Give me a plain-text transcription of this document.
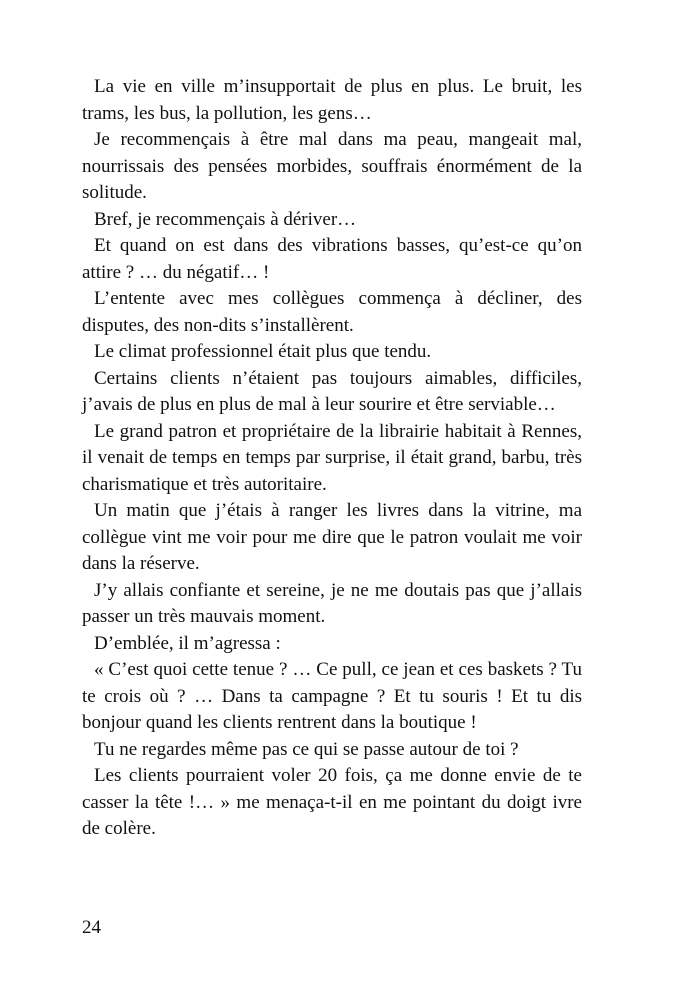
La vie en ville m’insupportait de plus en plus. Le bruit, les trams, les bus, la pollution, les gens…

Je recommençais à être mal dans ma peau, mangeait mal, nourrissais des pensées morbides, souffrais énormément de la solitude.

Bref, je recommençais à dériver…

Et quand on est dans des vibrations basses, qu’est-ce qu’on attire ? … du négatif… !

L’entente avec mes collègues commença à décliner, des disputes, des non-dits s’installèrent.

Le climat professionnel était plus que tendu.

Certains clients n’étaient pas toujours aimables, difficiles, j’avais de plus en plus de mal à leur sourire et être serviable…

Le grand patron et propriétaire de la librairie habitait à Rennes, il venait de temps en temps par surprise, il était grand, barbu, très charismatique et très autoritaire.

Un matin que j’étais à ranger les livres dans la vitrine, ma collègue vint me voir pour me dire que le patron voulait me voir dans la réserve.

J’y allais confiante et sereine, je ne me doutais pas que j’allais passer un très mauvais moment.

D’emblée, il m’agressa :

« C’est quoi cette tenue ? … Ce pull, ce jean et ces baskets ? Tu te crois où ? … Dans ta campagne ? Et tu souris ! Et tu dis bonjour quand les clients rentrent dans la boutique !

Tu ne regardes même pas ce qui se passe autour de toi ?

Les clients pourraient voler 20 fois, ça me donne envie de te casser la tête !… » me menaça-t-il en me pointant du doigt ivre de colère.

24
